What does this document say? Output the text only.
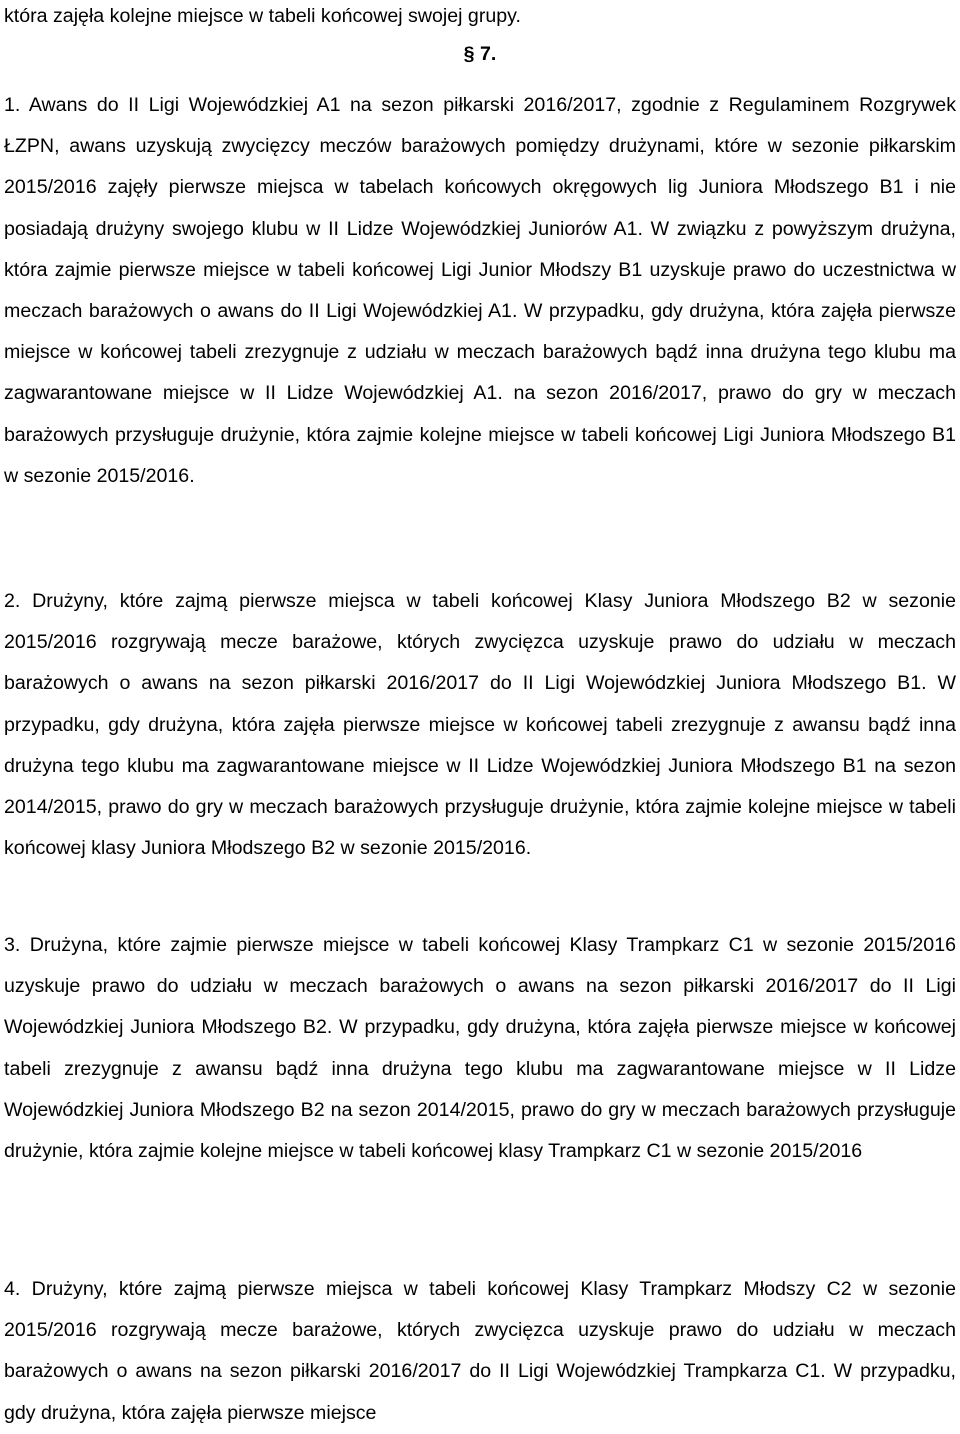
która zajęła kolejne miejsce w tabeli końcowej swojej grupy.

§ 7.

1. Awans do II Ligi Wojewódzkiej A1 na sezon piłkarski 2016/2017, zgodnie z Regulaminem Rozgrywek ŁZPN, awans uzyskują zwycięzcy meczów barażowych pomiędzy drużynami, które w sezonie piłkarskim 2015/2016 zajęły pierwsze miejsca w tabelach końcowych okręgowych lig Juniora Młodszego B1 i nie posiadają drużyny swojego klubu w II Lidze Wojewódzkiej Juniorów A1. W związku z powyższym drużyna, która zajmie pierwsze miejsce w tabeli końcowej Ligi Junior Młodszy B1 uzyskuje prawo do uczestnictwa w meczach barażowych o awans do II Ligi Wojewódzkiej A1. W przypadku, gdy drużyna, która zajęła pierwsze miejsce w końcowej tabeli zrezygnuje z udziału w meczach barażowych bądź inna drużyna tego klubu ma zagwarantowane miejsce w II Lidze Wojewódzkiej A1. na sezon 2016/2017, prawo do gry w meczach barażowych przysługuje drużynie, która zajmie kolejne miejsce w tabeli końcowej Ligi Juniora Młodszego B1 w sezonie 2015/2016.

2. Drużyny, które zajmą pierwsze miejsca w tabeli końcowej Klasy Juniora Młodszego B2 w sezonie 2015/2016 rozgrywają mecze barażowe, których zwycięzca uzyskuje prawo do udziału w meczach barażowych o awans na sezon piłkarski 2016/2017 do II Ligi Wojewódzkiej Juniora Młodszego B1. W przypadku, gdy drużyna, która zajęła pierwsze miejsce w końcowej tabeli zrezygnuje z awansu bądź inna drużyna tego klubu ma zagwarantowane miejsce w II Lidze Wojewódzkiej Juniora Młodszego B1 na sezon 2014/2015, prawo do gry w meczach barażowych przysługuje drużynie, która zajmie kolejne miejsce w tabeli końcowej klasy Juniora Młodszego B2 w sezonie 2015/2016.

3. Drużyna, które zajmie pierwsze miejsce w tabeli końcowej Klasy Trampkarz C1 w sezonie 2015/2016 uzyskuje prawo do udziału w meczach barażowych o awans na sezon piłkarski 2016/2017 do II Ligi Wojewódzkiej Juniora Młodszego B2. W przypadku, gdy drużyna, która zajęła pierwsze miejsce w końcowej tabeli zrezygnuje z awansu bądź inna drużyna tego klubu ma zagwarantowane miejsce w II Lidze Wojewódzkiej Juniora Młodszego B2 na sezon 2014/2015, prawo do gry w meczach barażowych przysługuje drużynie, która zajmie kolejne miejsce w tabeli końcowej klasy Trampkarz C1 w sezonie 2015/2016

4. Drużyny, które zajmą pierwsze miejsca w tabeli końcowej Klasy Trampkarz Młodszy C2 w sezonie 2015/2016 rozgrywają mecze barażowe, których zwycięzca uzyskuje prawo do udziału w meczach barażowych o awans na sezon piłkarski 2016/2017 do II Ligi Wojewódzkiej Trampkarza C1. W przypadku, gdy drużyna, która zajęła pierwsze miejsce
